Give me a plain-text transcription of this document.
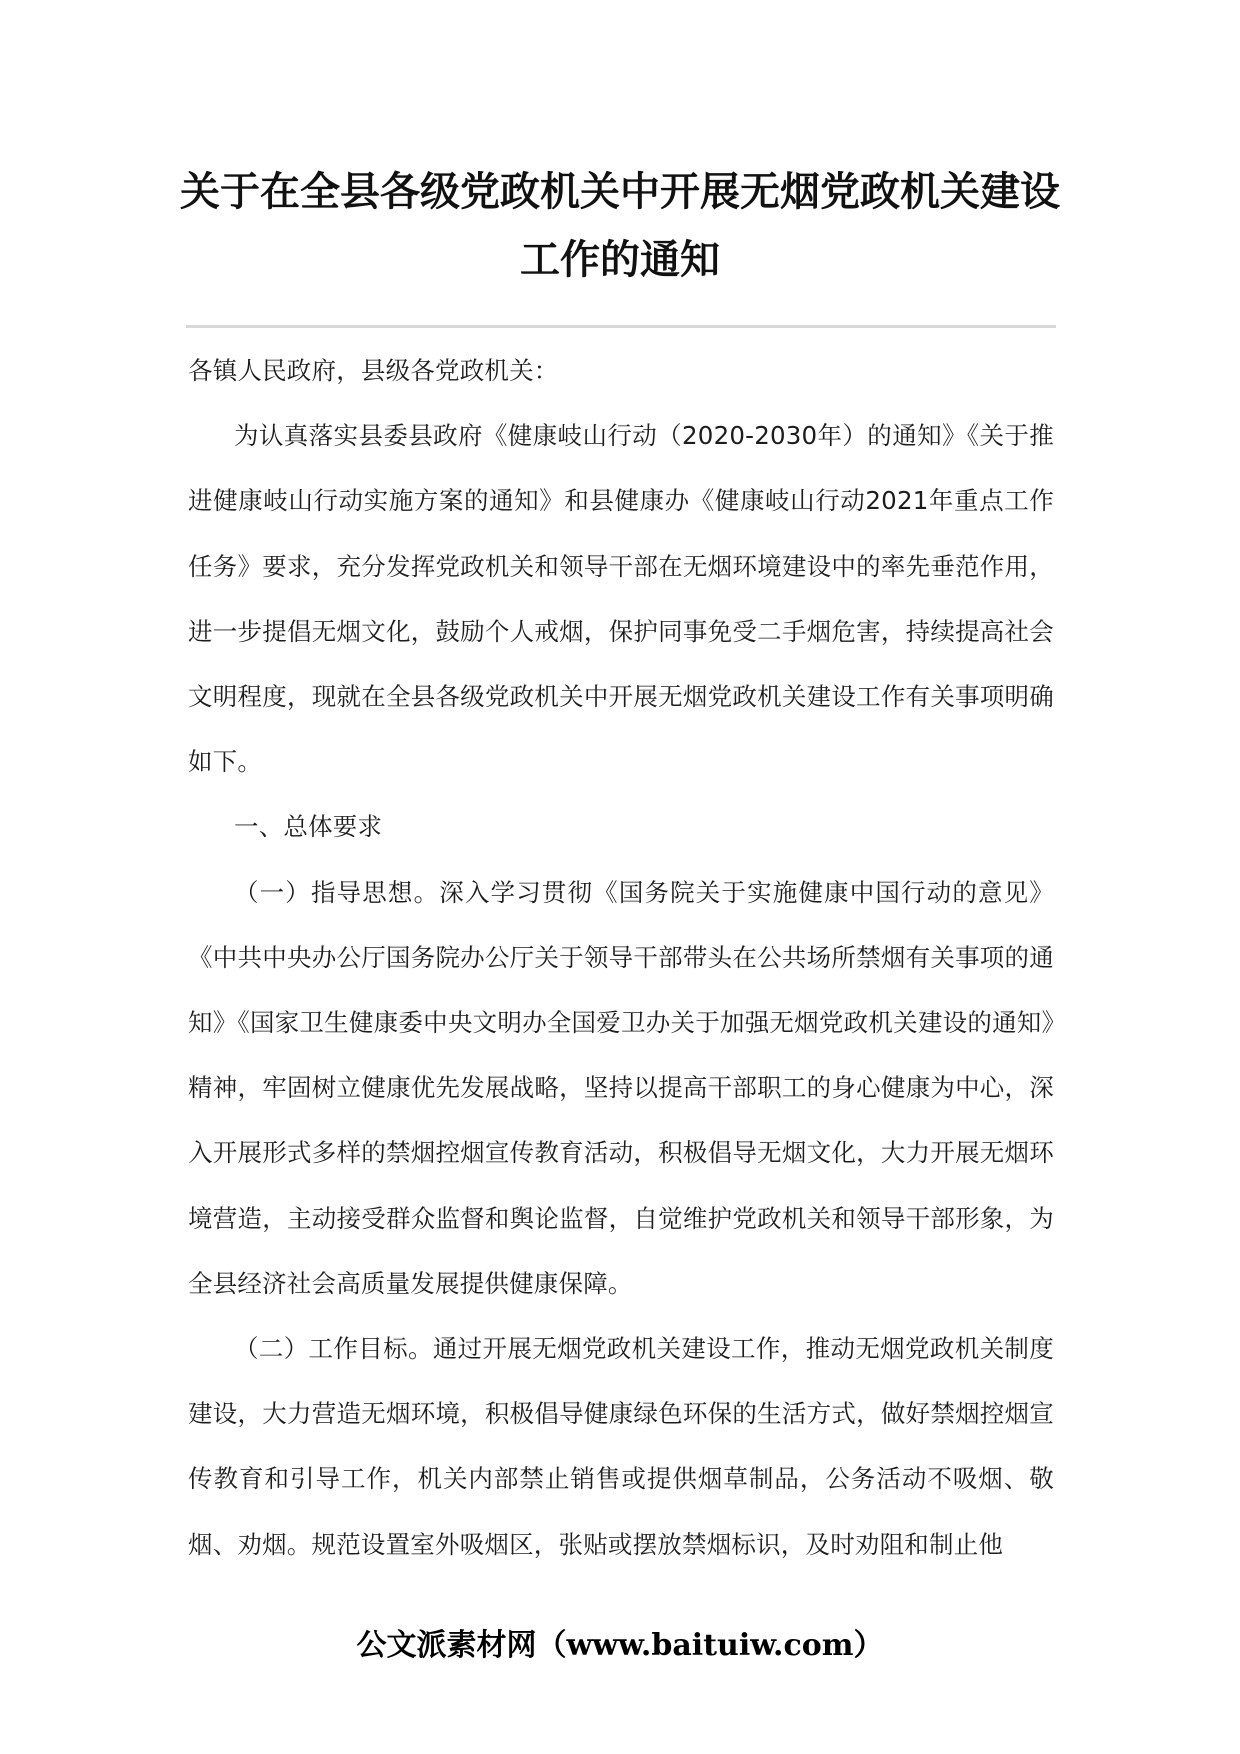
关于在全县各级党政机关中开展无烟党政机关建设
工作的通知

各镇人民政府，县级各党政机关：

为认真落实县委县政府《健康岐山行动（2020-2030年）的通知》《关于推进健康岐山行动实施方案的通知》和县健康办《健康岐山行动2021年重点工作任务》要求，充分发挥党政机关和领导干部在无烟环境建设中的率先垂范作用，进一步提倡无烟文化，鼓励个人戒烟，保护同事免受二手烟危害，持续提高社会文明程度，现就在全县各级党政机关中开展无烟党政机关建设工作有关事项明确如下。

一、总体要求

（一）指导思想。深入学习贯彻《国务院关于实施健康中国行动的意见》《中共中央办公厅国务院办公厅关于领导干部带头在公共场所禁烟有关事项的通知》《国家卫生健康委中央文明办全国爱卫办关于加强无烟党政机关建设的通知》精神，牢固树立健康优先发展战略，坚持以提高干部职工的身心健康为中心，深入开展形式多样的禁烟控烟宣传教育活动，积极倡导无烟文化，大力开展无烟环境营造，主动接受群众监督和舆论监督，自觉维护党政机关和领导干部形象，为全县经济社会高质量发展提供健康保障。

（二）工作目标。通过开展无烟党政机关建设工作，推动无烟党政机关制度建设，大力营造无烟环境，积极倡导健康绿色环保的生活方式，做好禁烟控烟宣传教育和引导工作，机关内部禁止销售或提供烟草制品，公务活动不吸烟、敬烟、劝烟。规范设置室外吸烟区，张贴或摆放禁烟标识，及时劝阻和制止他

公文派素材网（www.baituiw.com）
